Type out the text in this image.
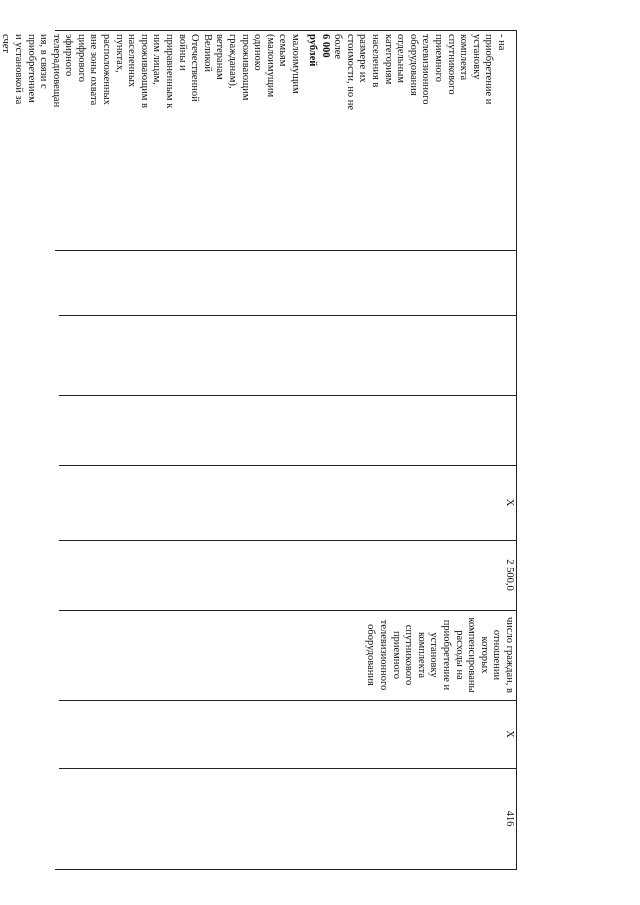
- на
приобретение и
установку
комплекта
спутникового
приемного
телевизионного
оборудования
отдельным
категориям
населения в
размере их
стоимости, но не
более

6 000

рублей

малоимущим
семьям
(малоимущим
одиноко
проживающим
гражданам),
ветеранам
Великой
Отечественной
войны и
приравненным к
ним лицам,
проживающим в
населенных
пунктах,
расположенных
вне зоны охвата
цифрового
эфирного
телерадиовещан
ия, в связи с
приобретением
и установкой за
счет

Х
2 500,0

число граждан, в
отношении
которых
компенсированы
расходы на
приобретение и
установку
комплекта
спутникового
приемного
телевизионного
оборудования

Х
416
